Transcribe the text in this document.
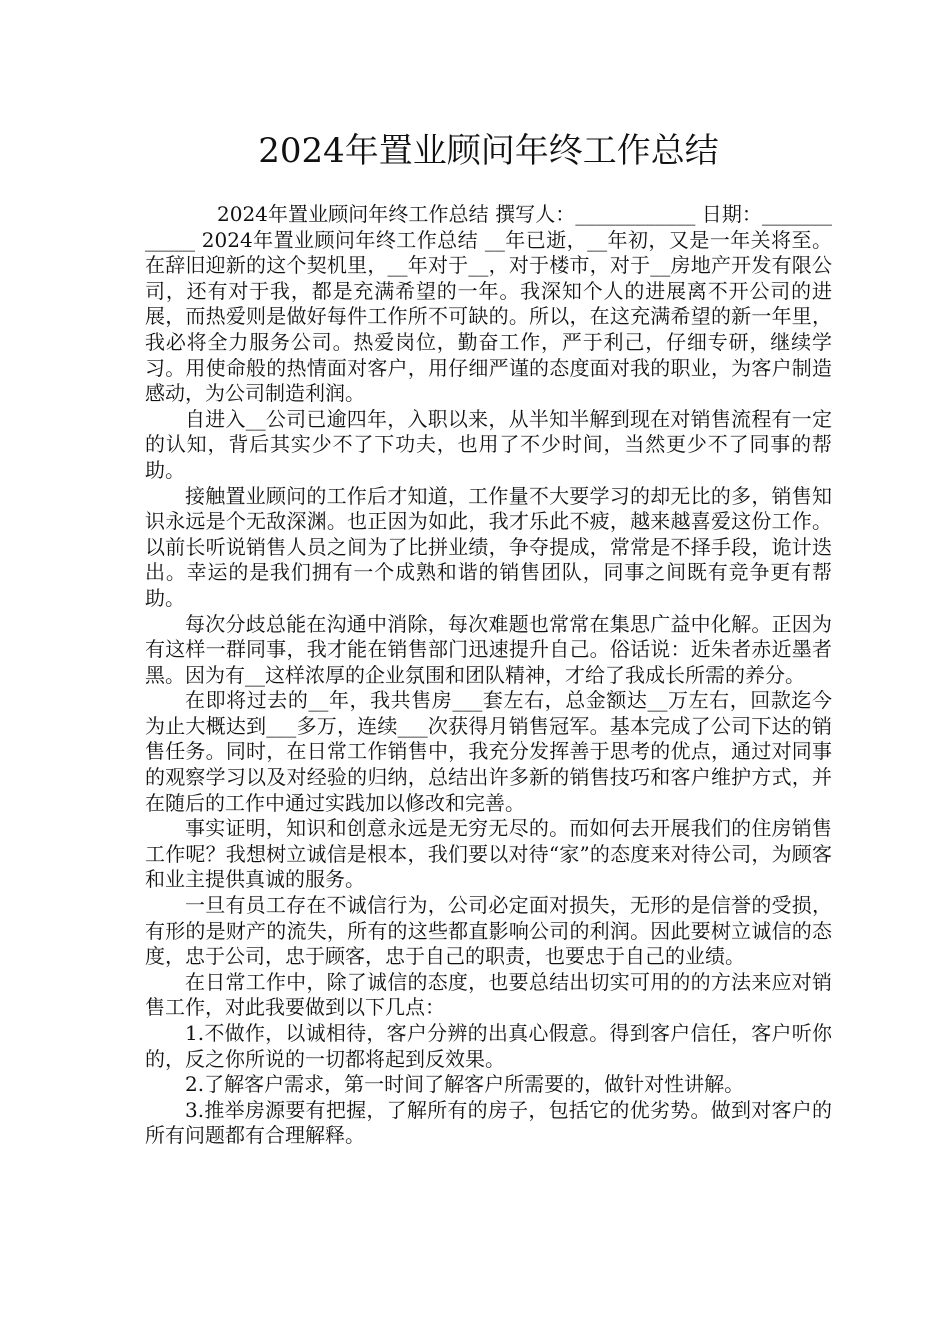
2024年置业顾问年终工作总结

2024年置业顾问年终工作总结 撰写人：____________ 日期：____________ 2024年置业顾问年终工作总结 __年已逝，__年初，又是一年关将至。在辞旧迎新的这个契机里，__年对于__，对于楼市，对于__房地产开发有限公司，还有对于我，都是充满希望的一年。我深知个人的进展离不开公司的进展，而热爱则是做好每件工作所不可缺的。所以，在这充满希望的新一年里，我必将全力服务公司。热爱岗位，勤奋工作，严于利己，仔细专研，继续学习。用使命般的热情面对客户，用仔细严谨的态度面对我的职业，为客户制造感动，为公司制造利润。

自进入__公司已逾四年，入职以来，从半知半解到现在对销售流程有一定的认知，背后其实少不了下功夫，也用了不少时间，当然更少不了同事的帮助。

接触置业顾问的工作后才知道，工作量不大要学习的却无比的多，销售知识永远是个无敌深渊。也正因为如此，我才乐此不疲，越来越喜爱这份工作。以前长听说销售人员之间为了比拼业绩，争夺提成，常常是不择手段，诡计迭出。幸运的是我们拥有一个成熟和谐的销售团队，同事之间既有竞争更有帮助。

每次分歧总能在沟通中消除，每次难题也常常在集思广益中化解。正因为有这样一群同事，我才能在销售部门迅速提升自己。俗话说：近朱者赤近墨者黑。因为有__这样浓厚的企业氛围和团队精神，才给了我成长所需的养分。

在即将过去的__年，我共售房___套左右，总金额达__万左右，回款迄今为止大概达到___多万，连续___次获得月销售冠军。基本完成了公司下达的销售任务。同时，在日常工作销售中，我充分发挥善于思考的优点，通过对同事的观察学习以及对经验的归纳，总结出许多新的销售技巧和客户维护方式，并在随后的工作中通过实践加以修改和完善。

事实证明，知识和创意永远是无穷无尽的。而如何去开展我们的住房销售工作呢？我想树立诚信是根本，我们要以对待“家”的态度来对待公司，为顾客和业主提供真诚的服务。

一旦有员工存在不诚信行为，公司必定面对损失，无形的是信誉的受损，有形的是财产的流失，所有的这些都直影响公司的利润。因此要树立诚信的态度，忠于公司，忠于顾客，忠于自己的职责，也要忠于自己的业绩。

在日常工作中，除了诚信的态度，也要总结出切实可用的的方法来应对销售工作，对此我要做到以下几点：

1.不做作，以诚相待，客户分辨的出真心假意。得到客户信任，客户听你的，反之你所说的一切都将起到反效果。

2.了解客户需求，第一时间了解客户所需要的，做针对性讲解。

3.推举房源要有把握，了解所有的房子，包括它的优劣势。做到对客户的所有问题都有合理解释。
